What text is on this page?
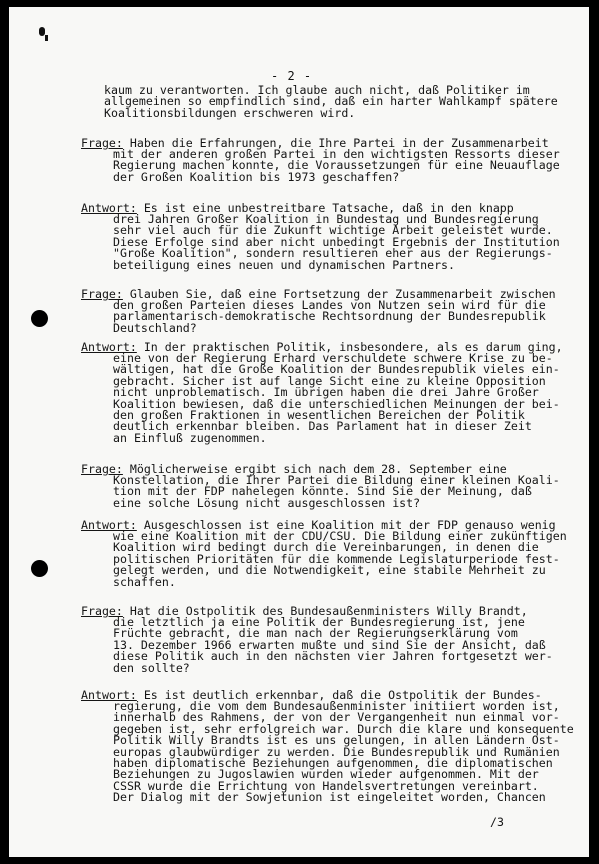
- 2 -

kaum zu verantworten. Ich glaube auch nicht, daß Politiker im
allgemeinen so empfindlich sind, daß ein harter Wahlkampf spätere
Koalitionsbildungen erschweren wird.

Frage: Haben die Erfahrungen, die Ihre Partei in der Zusammenarbeit

mit der anderen großen Partei in den wichtigsten Ressorts dieser
Regierung machen konnte, die Voraussetzungen für eine Neuauflage
der Großen Koalition bis 1973 geschaffen?

Antwort: Es ist eine unbestreitbare Tatsache, daß in den knapp

drei Jahren Großer Koalition in Bundestag und Bundesregierung
sehr viel auch für die Zukunft wichtige Arbeit geleistet wurde.
Diese Erfolge sind aber nicht unbedingt Ergebnis der Institution
"Große Koalition", sondern resultieren eher aus der Regierungs-
beteiligung eines neuen und dynamischen Partners.

Frage: Glauben Sie, daß eine Fortsetzung der Zusammenarbeit zwischen

den großen Parteien dieses Landes von Nutzen sein wird für die
parlamentarisch-demokratische Rechtsordnung der Bundesrepublik
Deutschland?

Antwort: In der praktischen Politik, insbesondere, als es darum ging,

eine von der Regierung Erhard verschuldete schwere Krise zu be-
wältigen, hat die Große Koalition der Bundesrepublik vieles ein-
gebracht. Sicher ist auf lange Sicht eine zu kleine Opposition
nicht unproblematisch. Im übrigen haben die drei Jahre Großer
Koalition bewiesen, daß die unterschiedlichen Meinungen der bei-
den großen Fraktionen in wesentlichen Bereichen der Politik
deutlich erkennbar bleiben. Das Parlament hat in dieser Zeit
an Einfluß zugenommen.

Frage: Möglicherweise ergibt sich nach dem 28. September eine

Konstellation, die Ihrer Partei die Bildung einer kleinen Koali-
tion mit der FDP nahelegen könnte. Sind Sie der Meinung, daß
eine solche Lösung nicht ausgeschlossen ist?

Antwort: Ausgeschlossen ist eine Koalition mit der FDP genauso wenig

wie eine Koalition mit der CDU/CSU. Die Bildung einer zukünftigen
Koalition wird bedingt durch die Vereinbarungen, in denen die
politischen Prioritäten für die kommende Legislaturperiode fest-
gelegt werden, und die Notwendigkeit, eine stabile Mehrheit zu
schaffen.

Frage: Hat die Ostpolitik des Bundesaußenministers Willy Brandt,

die letztlich ja eine Politik der Bundesregierung ist, jene
Früchte gebracht, die man nach der Regierungserklärung vom
13. Dezember 1966 erwarten mußte und sind Sie der Ansicht, daß
diese Politik auch in den nächsten vier Jahren fortgesetzt wer-
den sollte?

Antwort: Es ist deutlich erkennbar, daß die Ostpolitik der Bundes-

regierung, die vom dem Bundesaußenminister initiiert worden ist,
innerhalb des Rahmens, der von der Vergangenheit nun einmal vor-
gegeben ist, sehr erfolgreich war. Durch die klare und konsequente
Politik Willy Brandts ist es uns gelungen, in allen Ländern Ost-
europas glaubwürdiger zu werden. Die Bundesrepublik und Rumänien
haben diplomatische Beziehungen aufgenommen, die diplomatischen
Beziehungen zu Jugoslawien wurden wieder aufgenommen. Mit der
CSSR wurde die Errichtung von Handelsvertretungen vereinbart.
Der Dialog mit der Sowjetunion ist eingeleitet worden, Chancen

/3
